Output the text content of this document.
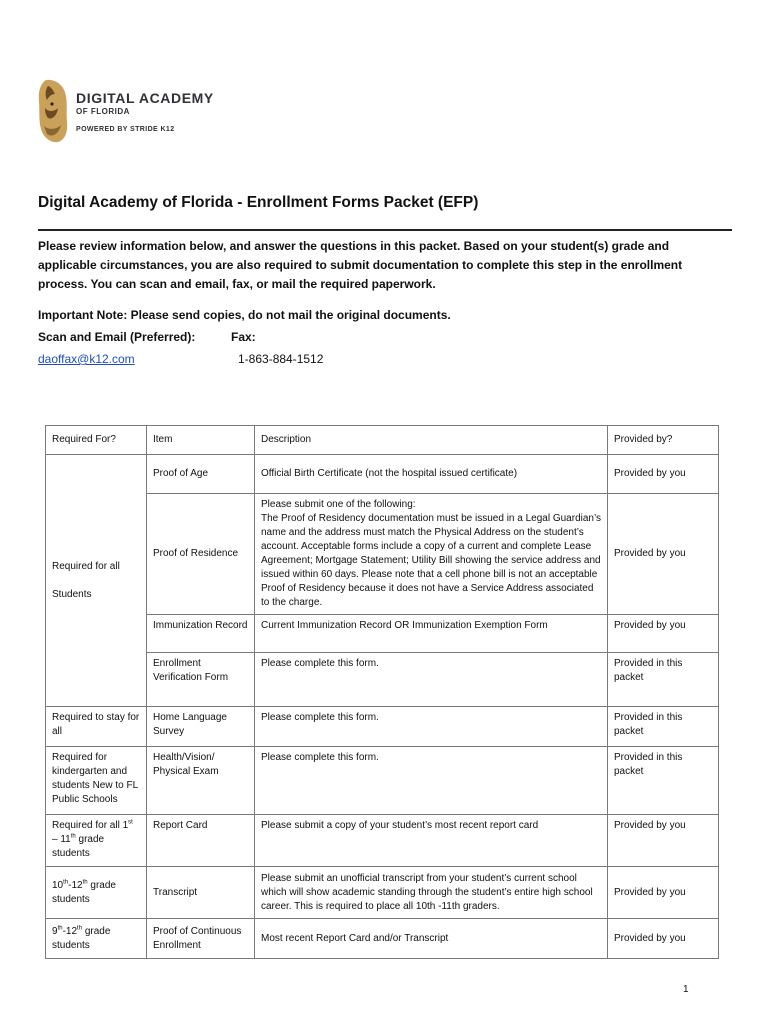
DIGITAL ACADEMY
OF FLORIDA
POWERED BY STRIDE K12
Digital Academy of Florida - Enrollment Forms Packet (EFP)

Please review information below, and answer the questions in this packet. Based on your student(s) grade and applicable circumstances, you are also required to submit documentation to complete this step in the enrollment process. You can scan and email, fax, or mail the required paperwork.

Important Note: Please send copies, do not mail the original documents.
Scan and Email (Preferred):	Fax:
daoffax@k12.com	1-863-884-1512
Required For?	Item	Description	Provided by?
Required for all

Students	Proof of Age	Official Birth Certificate (not the hospital issued certificate)	Provided by you
	Proof of Residence	Please submit one of the following:
The Proof of Residency documentation must be issued in a Legal Guardian’s name and the address must match the Physical Address on the student’s account. Acceptable forms include a copy of a current and complete Lease Agreement; Mortgage Statement; Utility Bill showing the service address and issued within 60 days. Please note that a cell phone bill is not an acceptable Proof of Residency because it does not have a Service Address associated to the charge.	Provided by you
	Immunization Record	Current Immunization Record OR Immunization Exemption Form	Provided by you
	Enrollment Verification Form	Please complete this form.	Provided in this packet
Required to stay for all	Home Language Survey	Please complete this form.	Provided in this packet
Required for kindergarten and students New to FL Public Schools	Health/Vision/ Physical Exam	Please complete this form.	Provided in this packet
Required for all 1st – 11th grade students	Report Card	Please submit a copy of your student’s most recent report card	Provided by you
10th-12th grade students	Transcript	Please submit an unofficial transcript from your student’s current school which will show academic standing through the student’s entire high school career. This is required to place all 10th -11th graders.	Provided by you
9th-12th grade students	Proof of Continuous Enrollment	Most recent Report Card and/or Transcript	Provided by you
1
